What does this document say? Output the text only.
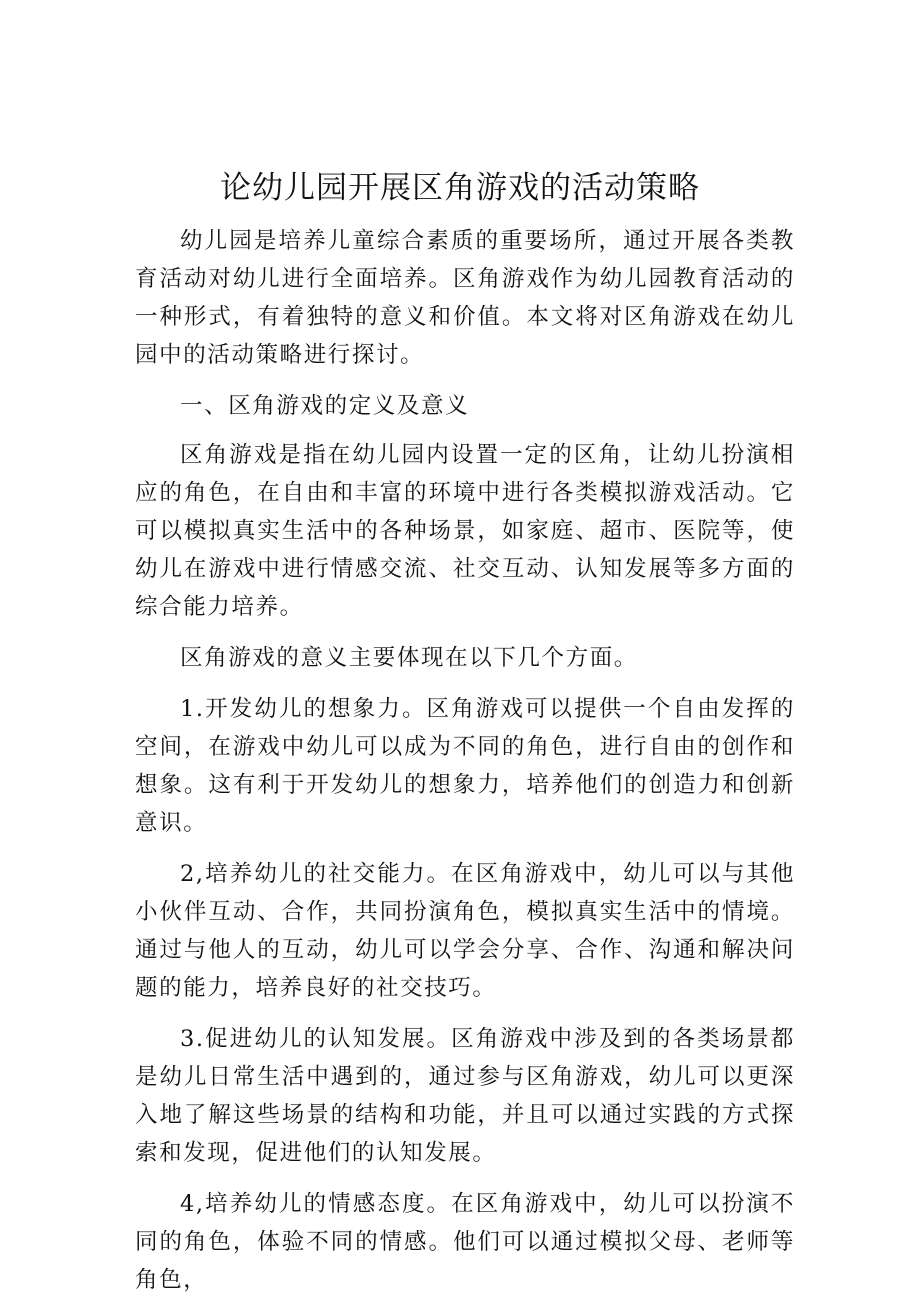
论幼儿园开展区角游戏的活动策略

幼儿园是培养儿童综合素质的重要场所，通过开展各类教育活动对幼儿进行全面培养。区角游戏作为幼儿园教育活动的一种形式，有着独特的意义和价值。本文将对区角游戏在幼儿园中的活动策略进行探讨。

一、区角游戏的定义及意义

区角游戏是指在幼儿园内设置一定的区角，让幼儿扮演相应的角色，在自由和丰富的环境中进行各类模拟游戏活动。它可以模拟真实生活中的各种场景，如家庭、超市、医院等，使幼儿在游戏中进行情感交流、社交互动、认知发展等多方面的综合能力培养。

区角游戏的意义主要体现在以下几个方面。

1.开发幼儿的想象力。区角游戏可以提供一个自由发挥的空间，在游戏中幼儿可以成为不同的角色，进行自由的创作和想象。这有利于开发幼儿的想象力，培养他们的创造力和创新意识。

2,培养幼儿的社交能力。在区角游戏中，幼儿可以与其他小伙伴互动、合作，共同扮演角色，模拟真实生活中的情境。通过与他人的互动，幼儿可以学会分享、合作、沟通和解决问题的能力，培养良好的社交技巧。

3.促进幼儿的认知发展。区角游戏中涉及到的各类场景都是幼儿日常生活中遇到的，通过参与区角游戏，幼儿可以更深入地了解这些场景的结构和功能，并且可以通过实践的方式探索和发现，促进他们的认知发展。

4,培养幼儿的情感态度。在区角游戏中，幼儿可以扮演不同的角色，体验不同的情感。他们可以通过模拟父母、老师等角色，
